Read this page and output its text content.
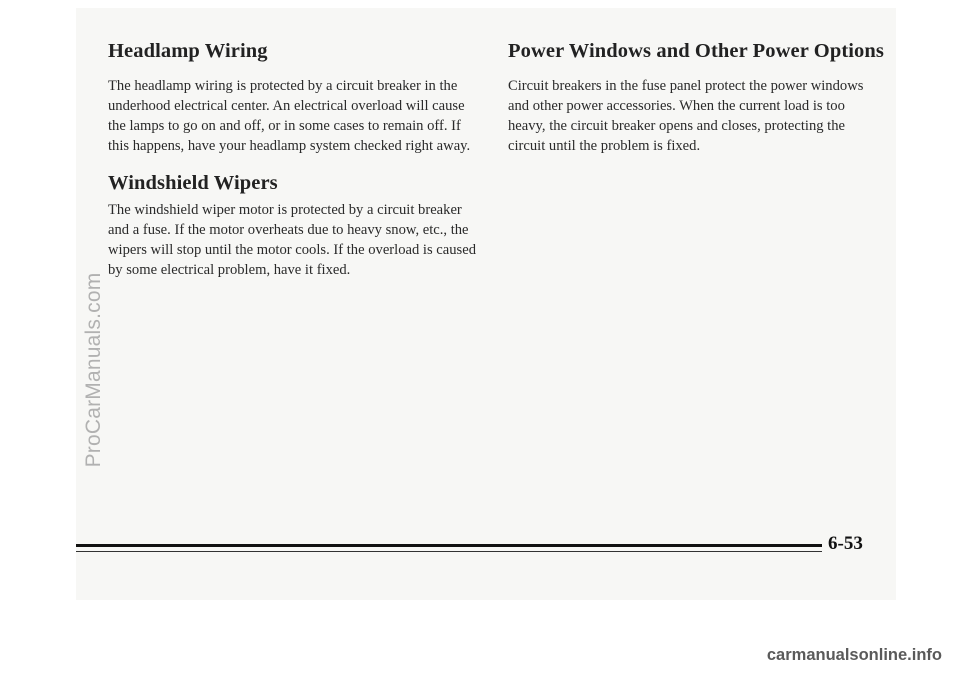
Headlamp Wiring

The headlamp wiring is protected by a circuit breaker in the underhood electrical center. An electrical overload will cause the lamps to go on and off, or in some cases to remain off. If this happens, have your headlamp system checked right away.

Windshield Wipers

The windshield wiper motor is protected by a circuit breaker and a fuse. If the motor overheats due to heavy snow, etc., the wipers will stop until the motor cools. If the overload is caused by some electrical problem, have it fixed.

Power Windows and Other Power Options

Circuit breakers in the fuse panel protect the power windows and other power accessories. When the current load is too heavy, the circuit breaker opens and closes, protecting the circuit until the problem is fixed.

6-53
ProCarManuals.com
carmanualsonline.info
